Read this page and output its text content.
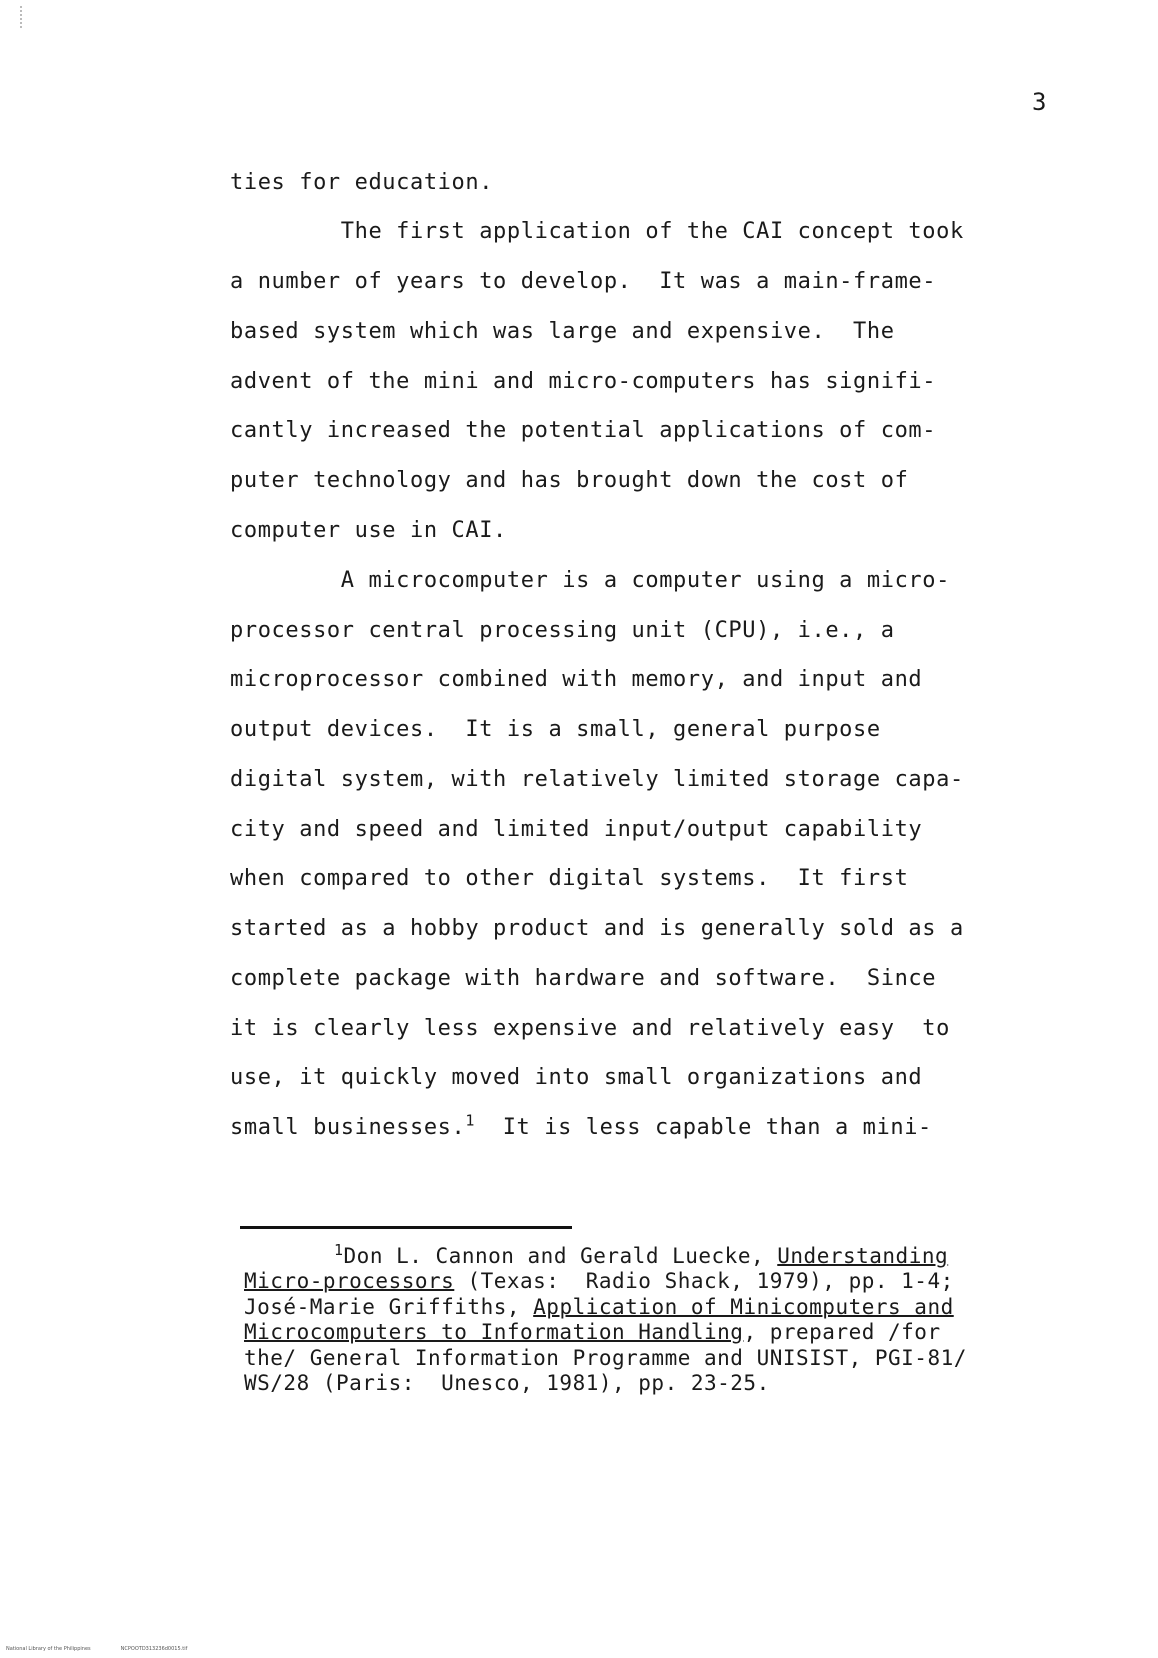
3
ties for education.
The first application of the CAI concept took
a number of years to develop.  It was a main-frame-
based system which was large and expensive.  The
advent of the mini and micro-computers has signifi-
cantly increased the potential applications of com-
puter technology and has brought down the cost of
computer use in CAI.
A microcomputer is a computer using a micro-
processor central processing unit (CPU), i.e., a
microprocessor combined with memory, and input and
output devices.  It is a small, general purpose
digital system, with relatively limited storage capa-
city and speed and limited input/output capability
when compared to other digital systems.  It first
started as a hobby product and is generally sold as a
complete package with hardware and software.  Since
it is clearly less expensive and relatively easy  to
use, it quickly moved into small organizations and
small businesses.$^1$  It is less capable than a mini-
$^1$Don L. Cannon and Gerald Luecke, Understanding
Micro-processors (Texas:  Radio Shack, 1979), pp. 1-4;
José-Marie Griffiths, Application of Minicomputers and
Microcomputers to Information Handling, prepared /for
the/ General Information Programme and UNISIST, PGI-81/
WS/28 (Paris:  Unesco, 1981), pp. 23-25.
National Library of the Philippines	NCPOOTD313236d0015.tif
